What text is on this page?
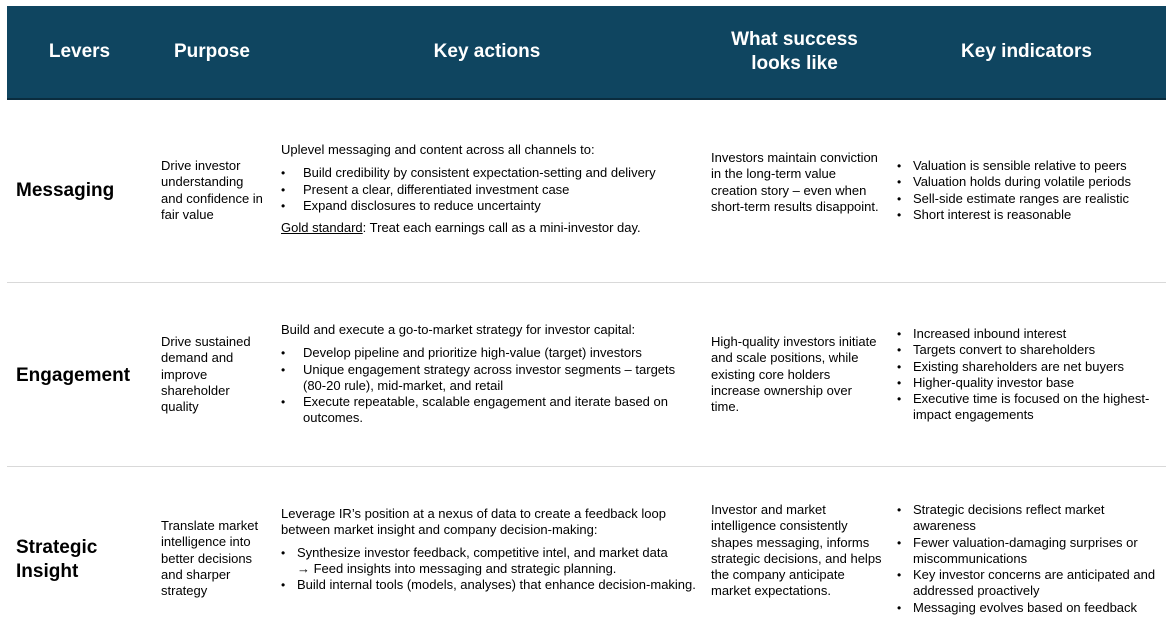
Levers	Purpose	Key actions
What success
looks like
Key indicators
Messaging
Drive investor understanding and confidence in fair value

Uplevel messaging and content across all channels to:

• Build credibility by consistent expectation-setting and delivery
• Present a clear, differentiated investment case
• Expand disclosures to reduce uncertainty

Gold standard: Treat each earnings call as a mini-investor day.

Investors maintain conviction in the long-term value creation story – even when short-term results disappoint.
• Valuation is sensible relative to peers
• Valuation holds during volatile periods
• Sell-side estimate ranges are realistic
• Short interest is reasonable
Engagement
Drive sustained demand and improve shareholder quality

Build and execute a go-to-market strategy for investor capital:

• Develop pipeline and prioritize high-value (target) investors
• Unique engagement strategy across investor segments – targets (80-20 rule), mid-market, and retail
• Execute repeatable, scalable engagement and iterate based on outcomes.
High-quality investors initiate and scale positions, while existing core holders increase ownership over time.
• Increased inbound interest
• Targets convert to shareholders
• Existing shareholders are net buyers
• Higher-quality investor base
• Executive time is focused on the highest-impact engagements
Strategic
Insight
Translate market intelligence into better decisions and sharper strategy

Leverage IR’s position at a nexus of data to create a feedback loop between market insight and company decision-making:

• Synthesize investor feedback, competitive intel, and market data
→ Feed insights into messaging and strategic planning.
• Build internal tools (models, analyses) that enhance decision-making.
Investor and market intelligence consistently shapes messaging, informs strategic decisions, and helps the company anticipate market expectations.
• Strategic decisions reflect market awareness
• Fewer valuation-damaging surprises or miscommunications
• Key investor concerns are anticipated and addressed proactively
• Messaging evolves based on feedback
